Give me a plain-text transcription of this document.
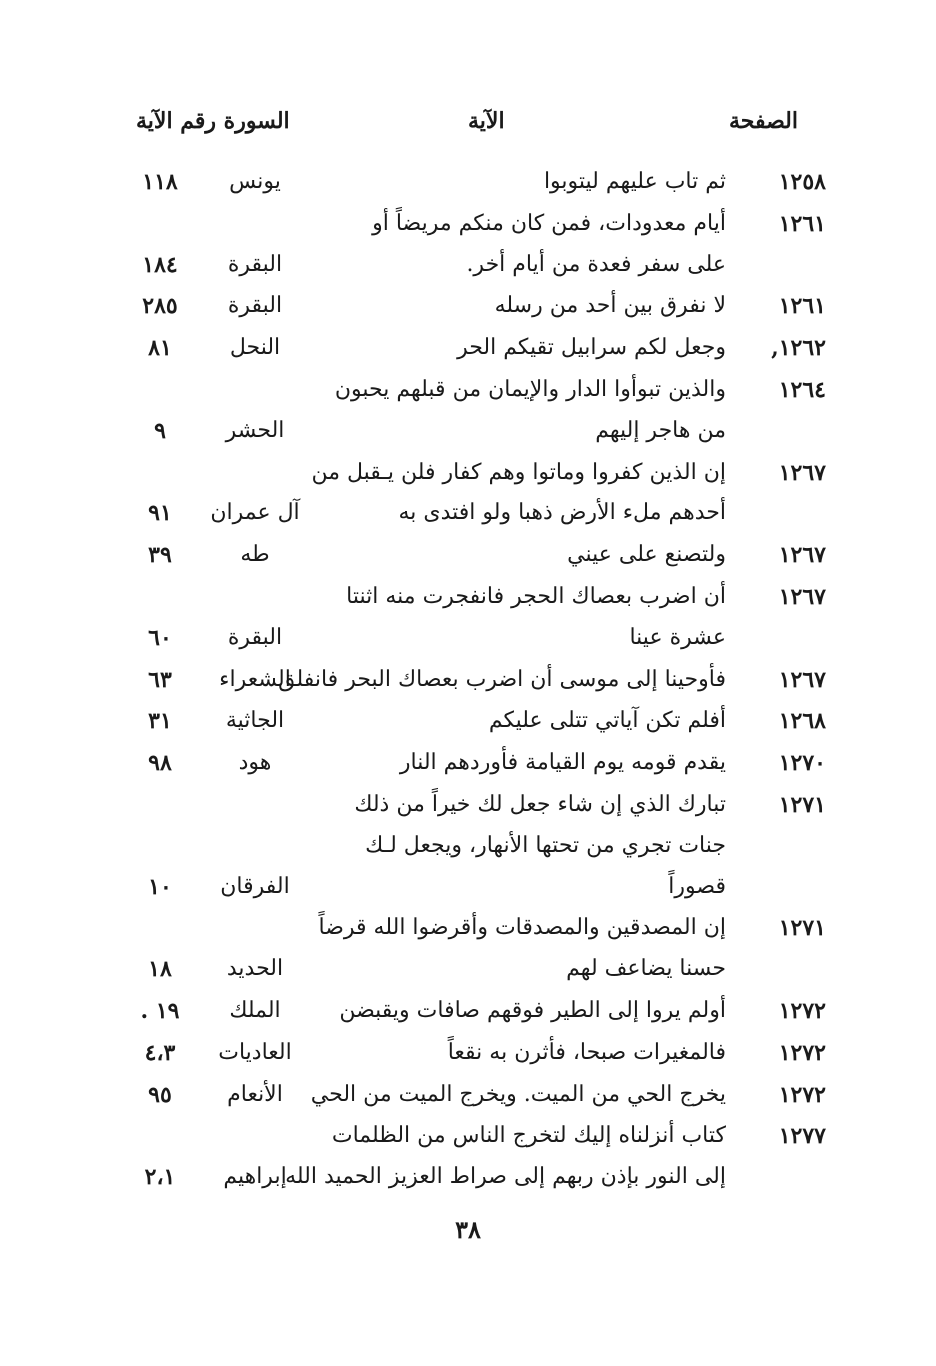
الصفحة
الآية
السورة رقم الآية
١٢٥٨
ثم تاب عليهم ليتوبوا
يونس
١١٨
١٢٦١
أيام معدودات، فمن كان منكم مريضاً أو
على سفر فعدة من أيام أخر.
البقرة
١٨٤
١٢٦١
لا نفرق بين أحد من رسله
البقرة
٢٨٥
١٢٦٢,
وجعل لكم سرابيل تقيكم الحر
النحل
٨١
١٢٦٤
والذين تبوأوا الدار والإيمان من قبلهم يحبون
من هاجر إليهم
الحشر
٩
١٢٦٧
إن الذين كفروا وماتوا وهم كفار فلن يـقبل من
أحدهم ملء الأرض ذهبا ولو افتدى به
آل عمران
٩١
١٢٦٧
ولتصنع على عيني
طه
٣٩
١٢٦٧
أن اضرب بعصاك الحجر فانفجرت منه اثنتا
عشرة عينا
البقرة
٦٠
١٢٦٧
فأوحينا إلى موسى أن اضرب بعصاك البحر فانفلق
الشعراء
٦٣
١٢٦٨
أفلم تكن آياتي تتلى عليكم
الجاثية
٣١
١٢٧٠
يقدم قومه يوم القيامة فأوردهم النار
هود
٩٨
١٢٧١
تبارك الذي إن شاء جعل لك خيراً من ذلك
جنات تجري من تحتها الأنهار، ويجعل لـك
قصوراً
الفرقان
١٠
١٢٧١
إن المصدقين والمصدقات وأقرضوا الله قرضاً
حسنا يضاعف لهم
الحديد
١٨
١٢٧٢
أولم يروا إلى الطير فوقهم صافات ويقبضن
الملك
١٩ .
١٢٧٢
فالمغيرات صبحا، فأثرن به نقعاً
العاديات
٤،٣
١٢٧٢
يخرج الحي من الميت. ويخرج الميت من الحي
الأنعام
٩٥
١٢٧٧
كتاب أنزلناه إليك لتخرج الناس من الظلمات
إلى النور بإذن ربهم إلى صراط العزيز الحميد الله
إبراهيم
٢،١
٣٨
